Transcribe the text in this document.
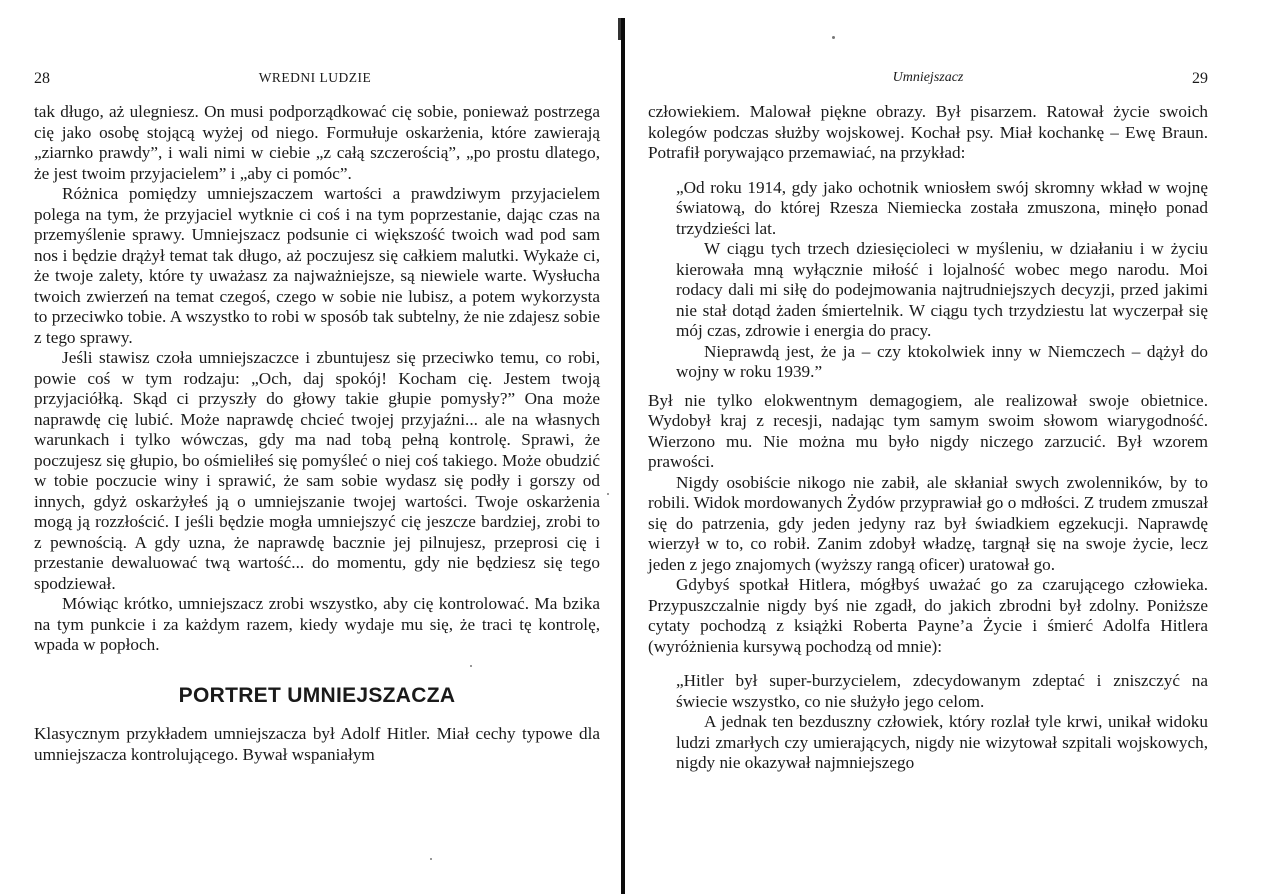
28	WREDNI LUDZIE

tak długo, aż ulegniesz. On musi podporządkować cię sobie, ponieważ postrzega cię jako osobę stojącą wyżej od niego. Formułuje oskarżenia, które zawierają „ziarnko prawdy”, i wali nimi w ciebie „z całą szczerością”, „po prostu dlatego, że jest twoim przyjacielem” i „aby ci pomóc”.

Różnica pomiędzy umniejszaczem wartości a prawdziwym przyjacielem polega na tym, że przyjaciel wytknie ci coś i na tym poprzestanie, dając czas na przemyślenie sprawy. Umniejszacz podsunie ci większość twoich wad pod sam nos i będzie drążył temat tak długo, aż poczujesz się całkiem malutki. Wykaże ci, że twoje zalety, które ty uważasz za najważniejsze, są niewiele warte. Wysłucha twoich zwierzeń na temat czegoś, czego w sobie nie lubisz, a potem wykorzysta to przeciwko tobie. A wszystko to robi w sposób tak subtelny, że nie zdajesz sobie z tego sprawy.

Jeśli stawisz czoła umniejszaczce i zbuntujesz się przeciwko temu, co robi, powie coś w tym rodzaju: „Och, daj spokój! Kocham cię. Jestem twoją przyjaciółką. Skąd ci przyszły do głowy takie głupie pomysły?” Ona może naprawdę cię lubić. Może naprawdę chcieć twojej przyjaźni... ale na własnych warunkach i tylko wówczas, gdy ma nad tobą pełną kontrolę. Sprawi, że poczujesz się głupio, bo ośmieliłeś się pomyśleć o niej coś takiego. Może obudzić w tobie poczucie winy i sprawić, że sam sobie wydasz się podły i gorszy od innych, gdyż oskarżyłeś ją o umniejszanie twojej wartości. Twoje oskarżenia mogą ją rozzłościć. I jeśli będzie mogła umniejszyć cię jeszcze bardziej, zrobi to z pewnością. A gdy uzna, że naprawdę bacznie jej pilnujesz, przeprosi cię i przestanie dewaluować twą wartość... do momentu, gdy nie będziesz się tego spodziewał.

Mówiąc krótko, umniejszacz zrobi wszystko, aby cię kontrolować. Ma bzika na tym punkcie i za każdym razem, kiedy wydaje mu się, że traci tę kontrolę, wpada w popłoch.

PORTRET UMNIEJSZACZA

Klasycznym przykładem umniejszacza był Adolf Hitler. Miał cechy typowe dla umniejszacza kontrolującego. Bywał wspaniałym

Umniejszacz	29

człowiekiem. Malował piękne obrazy. Był pisarzem. Ratował życie swoich kolegów podczas służby wojskowej. Kochał psy. Miał kochankę – Ewę Braun. Potrafił porywająco przemawiać, na przykład:

„Od roku 1914, gdy jako ochotnik wniosłem swój skromny wkład w wojnę światową, do której Rzesza Niemiecka została zmuszona, minęło ponad trzydzieści lat.

W ciągu tych trzech dziesięcioleci w myśleniu, w działaniu i w życiu kierowała mną wyłącznie miłość i lojalność wobec mego narodu. Moi rodacy dali mi siłę do podejmowania najtrudniejszych decyzji, przed jakimi nie stał dotąd żaden śmiertelnik. W ciągu tych trzydziestu lat wyczerpał się mój czas, zdrowie i energia do pracy.

Nieprawdą jest, że ja – czy ktokolwiek inny w Niemczech – dążył do wojny w roku 1939.”

Był nie tylko elokwentnym demagogiem, ale realizował swoje obietnice. Wydobył kraj z recesji, nadając tym samym swoim słowom wiarygodność. Wierzono mu. Nie można mu było nigdy niczego zarzucić. Był wzorem prawości.

Nigdy osobiście nikogo nie zabił, ale skłaniał swych zwolenników, by to robili. Widok mordowanych Żydów przyprawiał go o mdłości. Z trudem zmuszał się do patrzenia, gdy jeden jedyny raz był świadkiem egzekucji. Naprawdę wierzył w to, co robił. Zanim zdobył władzę, targnął się na swoje życie, lecz jeden z jego znajomych (wyższy rangą oficer) uratował go.

Gdybyś spotkał Hitlera, mógłbyś uważać go za czarującego człowieka. Przypuszczalnie nigdy byś nie zgadł, do jakich zbrodni był zdolny. Poniższe cytaty pochodzą z książki Roberta Payne’a Życie i śmierć Adolfa Hitlera (wyróżnienia kursywą pochodzą od mnie):

„Hitler był super-burzycielem, zdecydowanym zdeptać i zniszczyć na świecie wszystko, co nie służyło jego celom.

A jednak ten bezduszny człowiek, który rozlał tyle krwi, unikał widoku ludzi zmarłych czy umierających, nigdy nie wizytował szpitali wojskowych, nigdy nie okazywał najmniejszego
